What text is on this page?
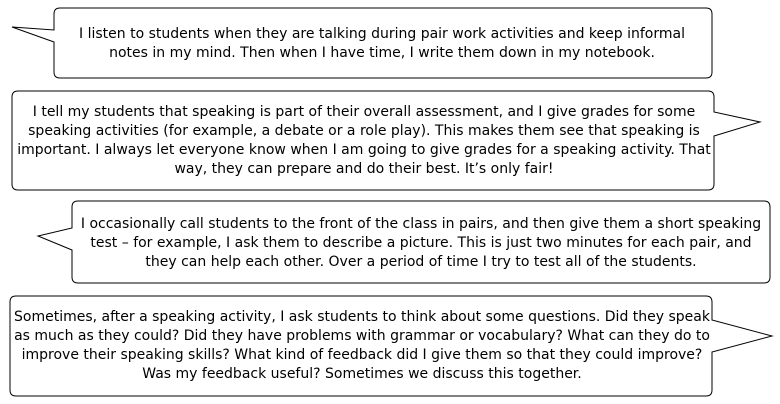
I listen to students when they are talking during pair work activities and keep informal notes in my mind. Then when I have time, I write them down in my notebook.
I tell my students that speaking is part of their overall assessment, and I give grades for some speaking activities (for example, a debate or a role play). This makes them see that speaking is important. I always let everyone know when I am going to give grades for a speaking activity. That way, they can prepare and do their best. It’s only fair!
I occasionally call students to the front of the class in pairs, and then give them a short speaking test – for example, I ask them to describe a picture. This is just two minutes for each pair, and they can help each other. Over a period of time I try to test all of the students.
Sometimes, after a speaking activity, I ask students to think about some questions. Did they speak as much as they could? Did they have problems with grammar or vocabulary? What can they do to improve their speaking skills? What kind of feedback did I give them so that they could improve? Was my feedback useful? Sometimes we discuss this together.
